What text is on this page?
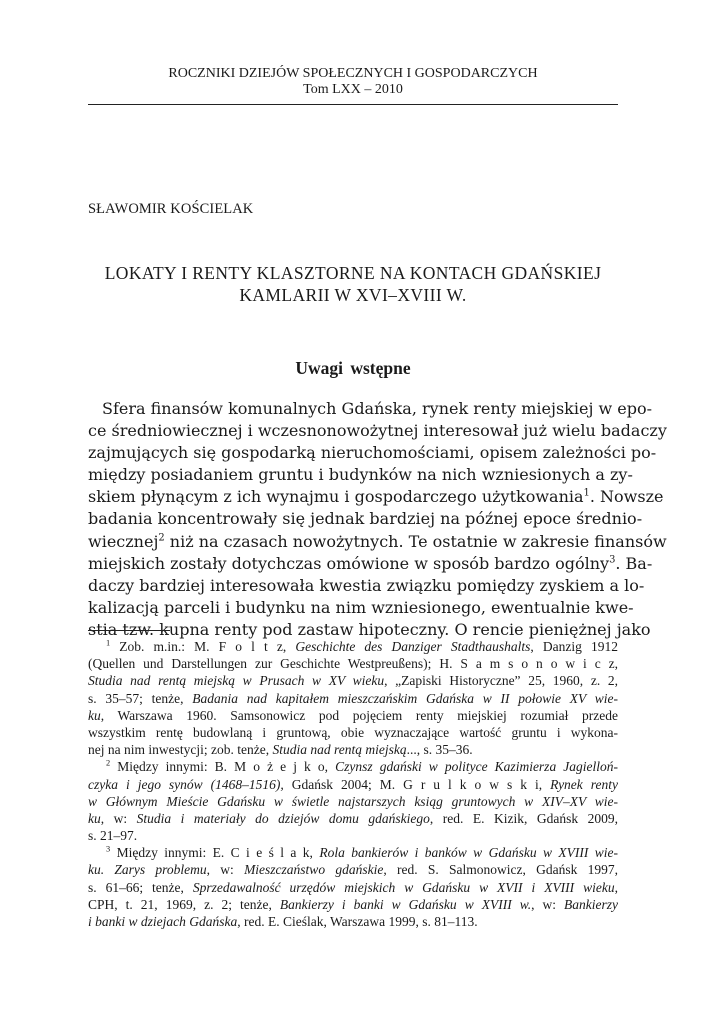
ROCZNIKI DZIEJÓW SPOŁECZNYCH I GOSPODARCZYCH
Tom LXX – 2010
SŁAWOMIR KOŚCIELAK
LOKATY I RENTY KLASZTORNE NA KONTACH GDAŃSKIEJ
KAMLARII W XVI–XVIII W.
Uwagi wstępne
Sfera finansów komunalnych Gdańska, rynek renty miejskiej w epo-
ce średniowiecznej i wczesnonowożytnej interesował już wielu badaczy
zajmujących się gospodarką nieruchomościami, opisem zależności po-
między posiadaniem gruntu i budynków na nich wzniesionych a zy-
skiem płynącym z ich wynajmu i gospodarczego użytkowania$^1$. Nowsze
badania koncentrowały się jednak bardziej na późnej epoce średnio-
wiecznej$^2$ niż na czasach nowożytnych. Te ostatnie w zakresie finansów
miejskich zostały dotychczas omówione w sposób bardzo ogólny$^3$. Ba-
daczy bardziej interesowała kwestia związku pomiędzy zyskiem a lo-
kalizacją parceli i budynku na nim wzniesionego, ewentualnie kwe-
stia tzw. kupna renty pod zastaw hipoteczny. O rencie pieniężnej jako
$^1$ Zob. m.in.: M. F o l t z, Geschichte des Danziger Stadthaushalts, Danzig 1912
(Quellen und Darstellungen zur Geschichte Westpreußens); H. S a m s o n o w i c z,
Studia nad rentą miejską w Prusach w XV wieku, „Zapiski Historyczne” 25, 1960, z. 2,
s. 35–57; tenże, Badania nad kapitałem mieszczańskim Gdańska w II połowie XV wie-
ku, Warszawa 1960. Samsonowicz pod pojęciem renty miejskiej rozumiał przede
wszystkim rentę budowlaną i gruntową, obie wyznaczające wartość gruntu i wykona-
nej na nim inwestycji; zob. tenże, Studia nad rentą miejską..., s. 35–36.
$^2$ Między innymi: B. M o ż e j k o, Czynsz gdański w polityce Kazimierza Jagielloń-
czyka i jego synów (1468–1516), Gdańsk 2004; M. G r u l k o w s k i, Rynek renty
w Głównym Mieście Gdańsku w świetle najstarszych ksiąg gruntowych w XIV–XV wie-
ku, w: Studia i materiały do dziejów domu gdańskiego, red. E. Kizik, Gdańsk 2009,
s. 21–97.
$^3$ Między innymi: E. C i e ś l a k, Rola bankierów i banków w Gdańsku w XVIII wie-
ku. Zarys problemu, w: Mieszczaństwo gdańskie, red. S. Salmonowicz, Gdańsk 1997,
s. 61–66; tenże, Sprzedawalność urzędów miejskich w Gdańsku w XVII i XVIII wieku,
CPH, t. 21, 1969, z. 2; tenże, Bankierzy i banki w Gdańsku w XVIII w., w: Bankierzy
i banki w dziejach Gdańska, red. E. Cieślak, Warszawa 1999, s. 81–113.
